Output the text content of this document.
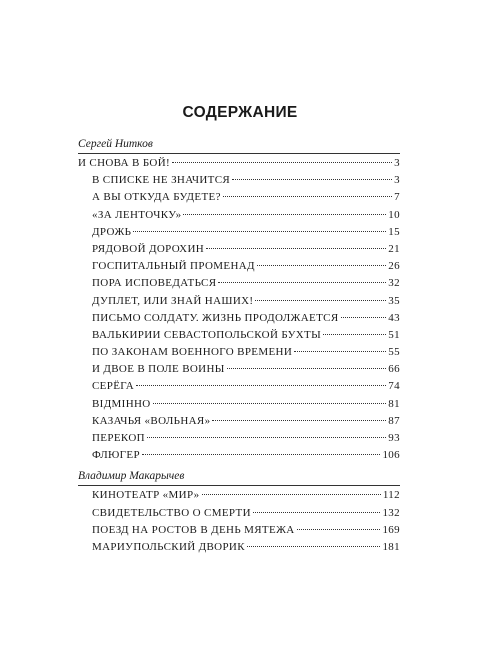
СОДЕРЖАНИЕ
Сергей Нитков
И СНОВА В БОЙ!	3
В СПИСКЕ НЕ ЗНАЧИТСЯ	3
А ВЫ ОТКУДА БУДЕТЕ?	7
«ЗА ЛЕНТОЧКУ»	10
ДРОЖЬ	15
РЯДОВОЙ ДОРОХИН	21
ГОСПИТАЛЬНЫЙ ПРОМЕНАД	26
ПОРА ИСПОВЕДАТЬСЯ	32
ДУПЛЕТ, ИЛИ ЗНАЙ НАШИХ!	35
ПИСЬМО СОЛДАТУ. ЖИЗНЬ ПРОДОЛЖАЕТСЯ	43
ВАЛЬКИРИИ СЕВАСТОПОЛЬСКОЙ БУХТЫ	51
ПО ЗАКОНАМ ВОЕННОГО ВРЕМЕНИ	55
И ДВОЕ В ПОЛЕ ВОИНЫ	66
СЕРЁГА	74
ВIДМIННО	81
КАЗАЧЬЯ «ВОЛЬНАЯ»	87
ПЕРЕКОП	93
ФЛЮГЕР	106
Владимир Макарычев
КИНОТЕАТР «МИР»	112
СВИДЕТЕЛЬСТВО О СМЕРТИ	132
ПОЕЗД НА РОСТОВ В ДЕНЬ МЯТЕЖА	169
МАРИУПОЛЬСКИЙ ДВОРИК	181
